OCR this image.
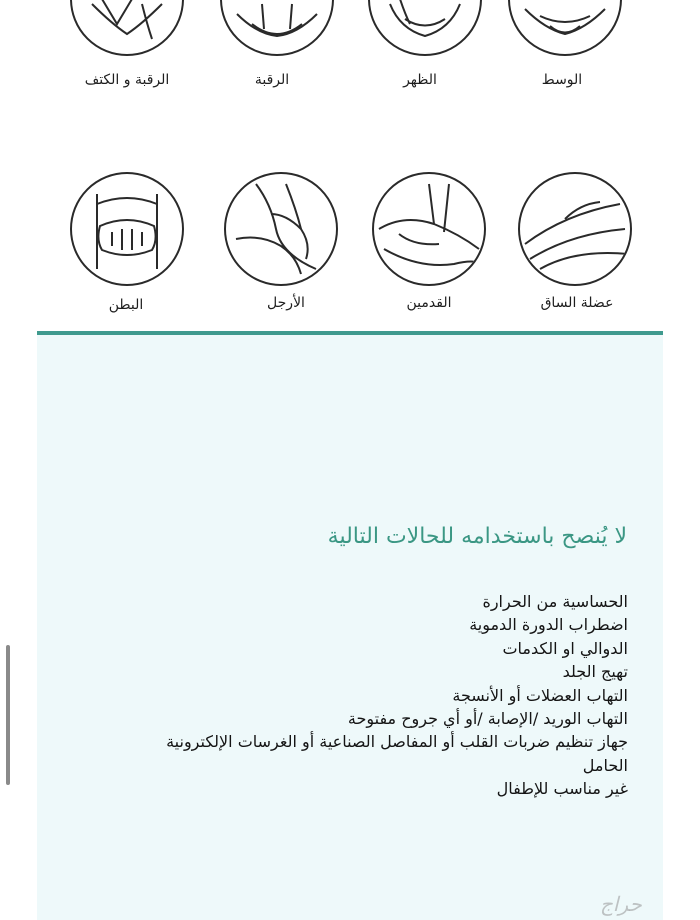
الرقبة و الكتف	الرقبة	الظهر	الوسط
البطن	الأرجل	القدمين	عضلة الساق
لا يُنصح باستخدامه للحالات التالية
الحساسية من الحرارة
اضطراب الدورة الدموية
الدوالي او الكدمات
تهيج الجلد
التهاب العضلات أو الأنسجة
التهاب الوريد /الإصابة /أو أي جروح مفتوحة
جهاز تنظيم ضربات القلب أو المفاصل الصناعية أو الغرسات الإلكترونية
الحامل
غير مناسب للإطفال
حراج
